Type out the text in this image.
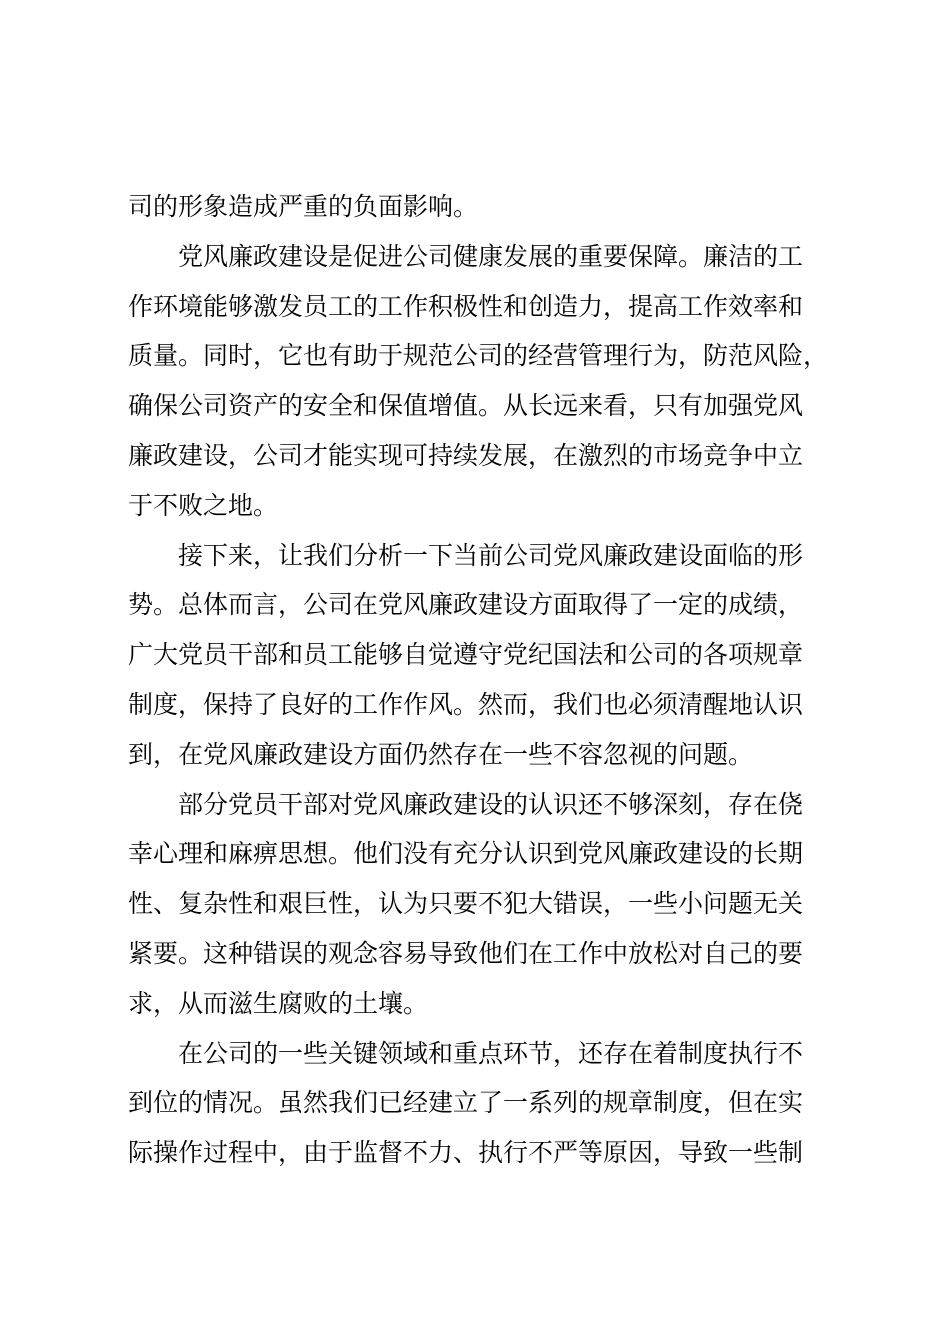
司的形象造成严重的负面影响。
党风廉政建设是促进公司健康发展的重要保障。廉洁的工
作环境能够激发员工的工作积极性和创造力，提高工作效率和
质量。同时，它也有助于规范公司的经营管理行为，防范风险，
确保公司资产的安全和保值增值。从长远来看，只有加强党风
廉政建设，公司才能实现可持续发展，在激烈的市场竞争中立
于不败之地。
接下来，让我们分析一下当前公司党风廉政建设面临的形
势。总体而言，公司在党风廉政建设方面取得了一定的成绩，
广大党员干部和员工能够自觉遵守党纪国法和公司的各项规章
制度，保持了良好的工作作风。然而，我们也必须清醒地认识
到，在党风廉政建设方面仍然存在一些不容忽视的问题。
部分党员干部对党风廉政建设的认识还不够深刻，存在侥
幸心理和麻痹思想。他们没有充分认识到党风廉政建设的长期
性、复杂性和艰巨性，认为只要不犯大错误，一些小问题无关
紧要。这种错误的观念容易导致他们在工作中放松对自己的要
求，从而滋生腐败的土壤。
在公司的一些关键领域和重点环节，还存在着制度执行不
到位的情况。虽然我们已经建立了一系列的规章制度，但在实
际操作过程中，由于监督不力、执行不严等原因，导致一些制
